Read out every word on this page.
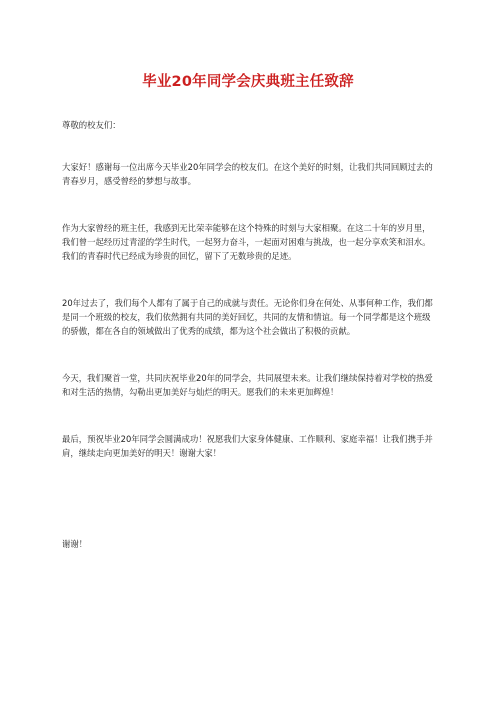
毕业20年同学会庆典班主任致辞

尊敬的校友们：

大家好！感谢每一位出席今天毕业20年同学会的校友们。在这个美好的时刻，让我们共同回顾过去的青春岁月，感受曾经的梦想与故事。

作为大家曾经的班主任，我感到无比荣幸能够在这个特殊的时刻与大家相聚。在这二十年的岁月里，我们曾一起经历过青涩的学生时代，一起努力奋斗，一起面对困难与挑战，也一起分享欢笑和泪水。我们的青春时代已经成为珍贵的回忆，留下了无数珍贵的足迹。

20年过去了，我们每个人都有了属于自己的成就与责任。无论你们身在何处、从事何种工作，我们都是同一个班级的校友，我们依然拥有共同的美好回忆，共同的友情和情谊。每一个同学都是这个班级的骄傲，都在各自的领域做出了优秀的成绩，都为这个社会做出了积极的贡献。

今天，我们聚首一堂，共同庆祝毕业20年的同学会，共同展望未来。让我们继续保持着对学校的热爱和对生活的热情，勾勒出更加美好与灿烂的明天。愿我们的未来更加辉煌！

最后，预祝毕业20年同学会圆满成功！祝愿我们大家身体健康、工作顺利、家庭幸福！让我们携手并肩，继续走向更加美好的明天！谢谢大家！

谢谢！
